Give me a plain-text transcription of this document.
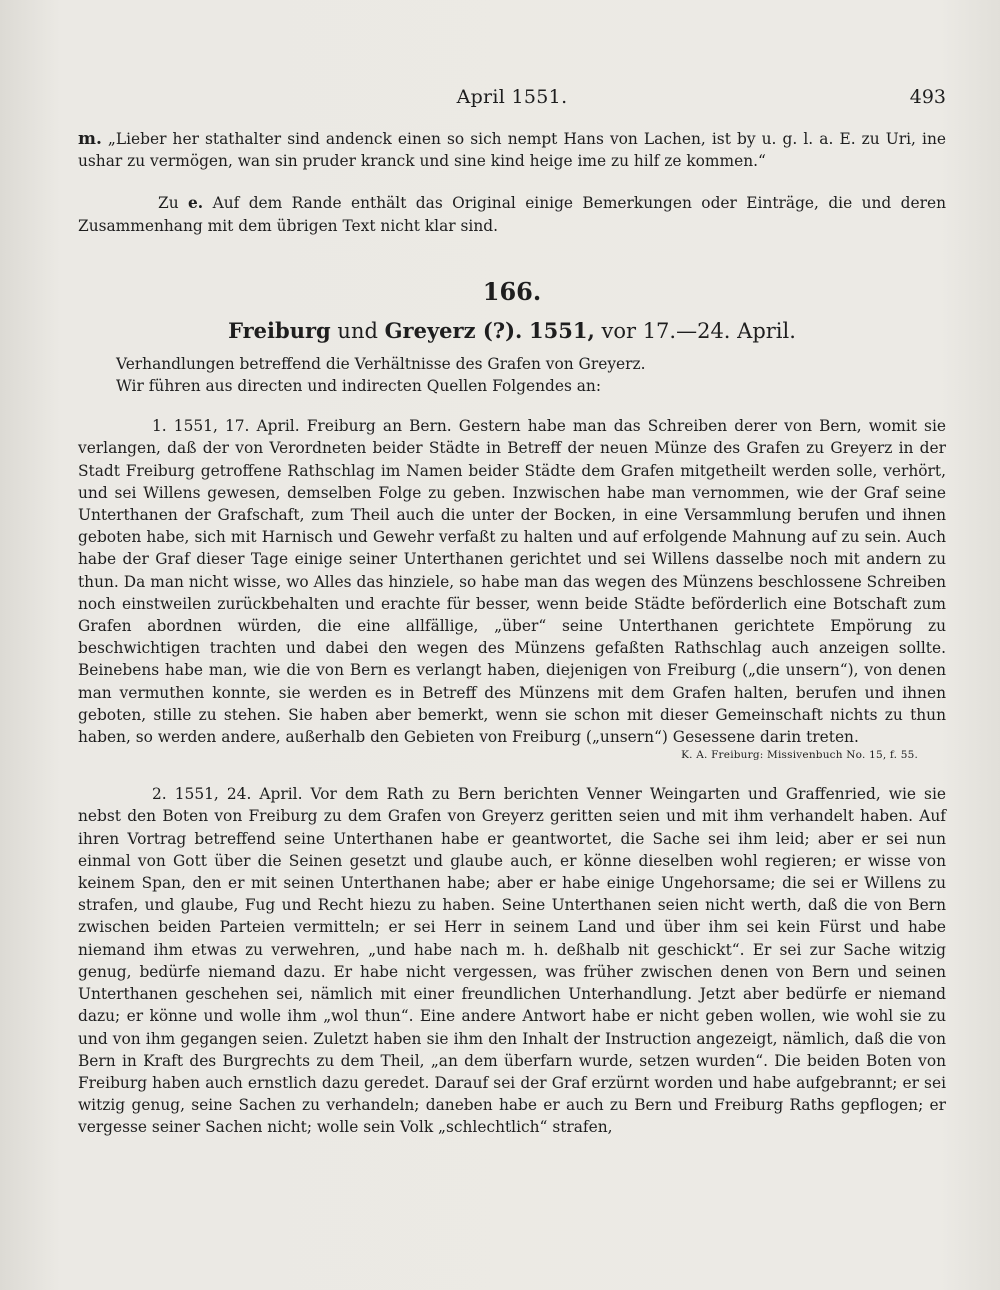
April 1551.	493

m. „Lieber her stathalter sind andenck einen so sich nempt Hans von Lachen, ist by u. g. l. a. E. zu Uri, ine ushar zu vermögen, wan sin pruder kranck und sine kind heige ime zu hilf ze kommen.“

Zu e. Auf dem Rande enthält das Original einige Bemerkungen oder Einträge, die und deren Zusammenhang mit dem übrigen Text nicht klar sind.

166.
Freiburg und Greyerz (?). 1551, vor 17.—24. April.

Verhandlungen betreffend die Verhältnisse des Grafen von Greyerz.

Wir führen aus directen und indirecten Quellen Folgendes an:

1. 1551, 17. April. Freiburg an Bern. Gestern habe man das Schreiben derer von Bern, womit sie verlangen, daß der von Verordneten beider Städte in Betreff der neuen Münze des Grafen zu Greyerz in der Stadt Freiburg getroffene Rathschlag im Namen beider Städte dem Grafen mitgetheilt werden solle, verhört, und sei Willens gewesen, demselben Folge zu geben. Inzwischen habe man vernommen, wie der Graf seine Unterthanen der Grafschaft, zum Theil auch die unter der Bocken, in eine Versammlung berufen und ihnen geboten habe, sich mit Harnisch und Gewehr verfaßt zu halten und auf erfolgende Mahnung auf zu sein. Auch habe der Graf dieser Tage einige seiner Unterthanen gerichtet und sei Willens dasselbe noch mit andern zu thun. Da man nicht wisse, wo Alles das hinziele, so habe man das wegen des Münzens beschlossene Schreiben noch einstweilen zurückbehalten und erachte für besser, wenn beide Städte beförderlich eine Botschaft zum Grafen abordnen würden, die eine allfällige, „über“ seine Unterthanen gerichtete Empörung zu beschwichtigen trachten und dabei den wegen des Münzens gefaßten Rathschlag auch anzeigen sollte. Beinebens habe man, wie die von Bern es verlangt haben, diejenigen von Freiburg („die unsern“), von denen man vermuthen konnte, sie werden es in Betreff des Münzens mit dem Grafen halten, berufen und ihnen geboten, stille zu stehen. Sie haben aber bemerkt, wenn sie schon mit dieser Gemeinschaft nichts zu thun haben, so werden andere, außerhalb den Gebieten von Freiburg („unsern“) Gesessene darin treten.

K. A. Freiburg: Missivenbuch No. 15, f. 55.

2. 1551, 24. April. Vor dem Rath zu Bern berichten Venner Weingarten und Graffenried, wie sie nebst den Boten von Freiburg zu dem Grafen von Greyerz geritten seien und mit ihm verhandelt haben. Auf ihren Vortrag betreffend seine Unterthanen habe er geantwortet, die Sache sei ihm leid; aber er sei nun einmal von Gott über die Seinen gesetzt und glaube auch, er könne dieselben wohl regieren; er wisse von keinem Span, den er mit seinen Unterthanen habe; aber er habe einige Ungehorsame; die sei er Willens zu strafen, und glaube, Fug und Recht hiezu zu haben. Seine Unterthanen seien nicht werth, daß die von Bern zwischen beiden Parteien vermitteln; er sei Herr in seinem Land und über ihm sei kein Fürst und habe niemand ihm etwas zu verwehren, „und habe nach m. h. deßhalb nit geschickt“. Er sei zur Sache witzig genug, bedürfe niemand dazu. Er habe nicht vergessen, was früher zwischen denen von Bern und seinen Unterthanen geschehen sei, nämlich mit einer freundlichen Unterhandlung. Jetzt aber bedürfe er niemand dazu; er könne und wolle ihm „wol thun“. Eine andere Antwort habe er nicht geben wollen, wie wohl sie zu und von ihm gegangen seien. Zuletzt haben sie ihm den Inhalt der Instruction angezeigt, nämlich, daß die von Bern in Kraft des Burgrechts zu dem Theil, „an dem überfarn wurde, setzen wurden“. Die beiden Boten von Freiburg haben auch ernstlich dazu geredet. Darauf sei der Graf erzürnt worden und habe aufgebrannt; er sei witzig genug, seine Sachen zu verhandeln; daneben habe er auch zu Bern und Freiburg Raths gepflogen; er vergesse seiner Sachen nicht; wolle sein Volk „schlechtlich“ strafen,
